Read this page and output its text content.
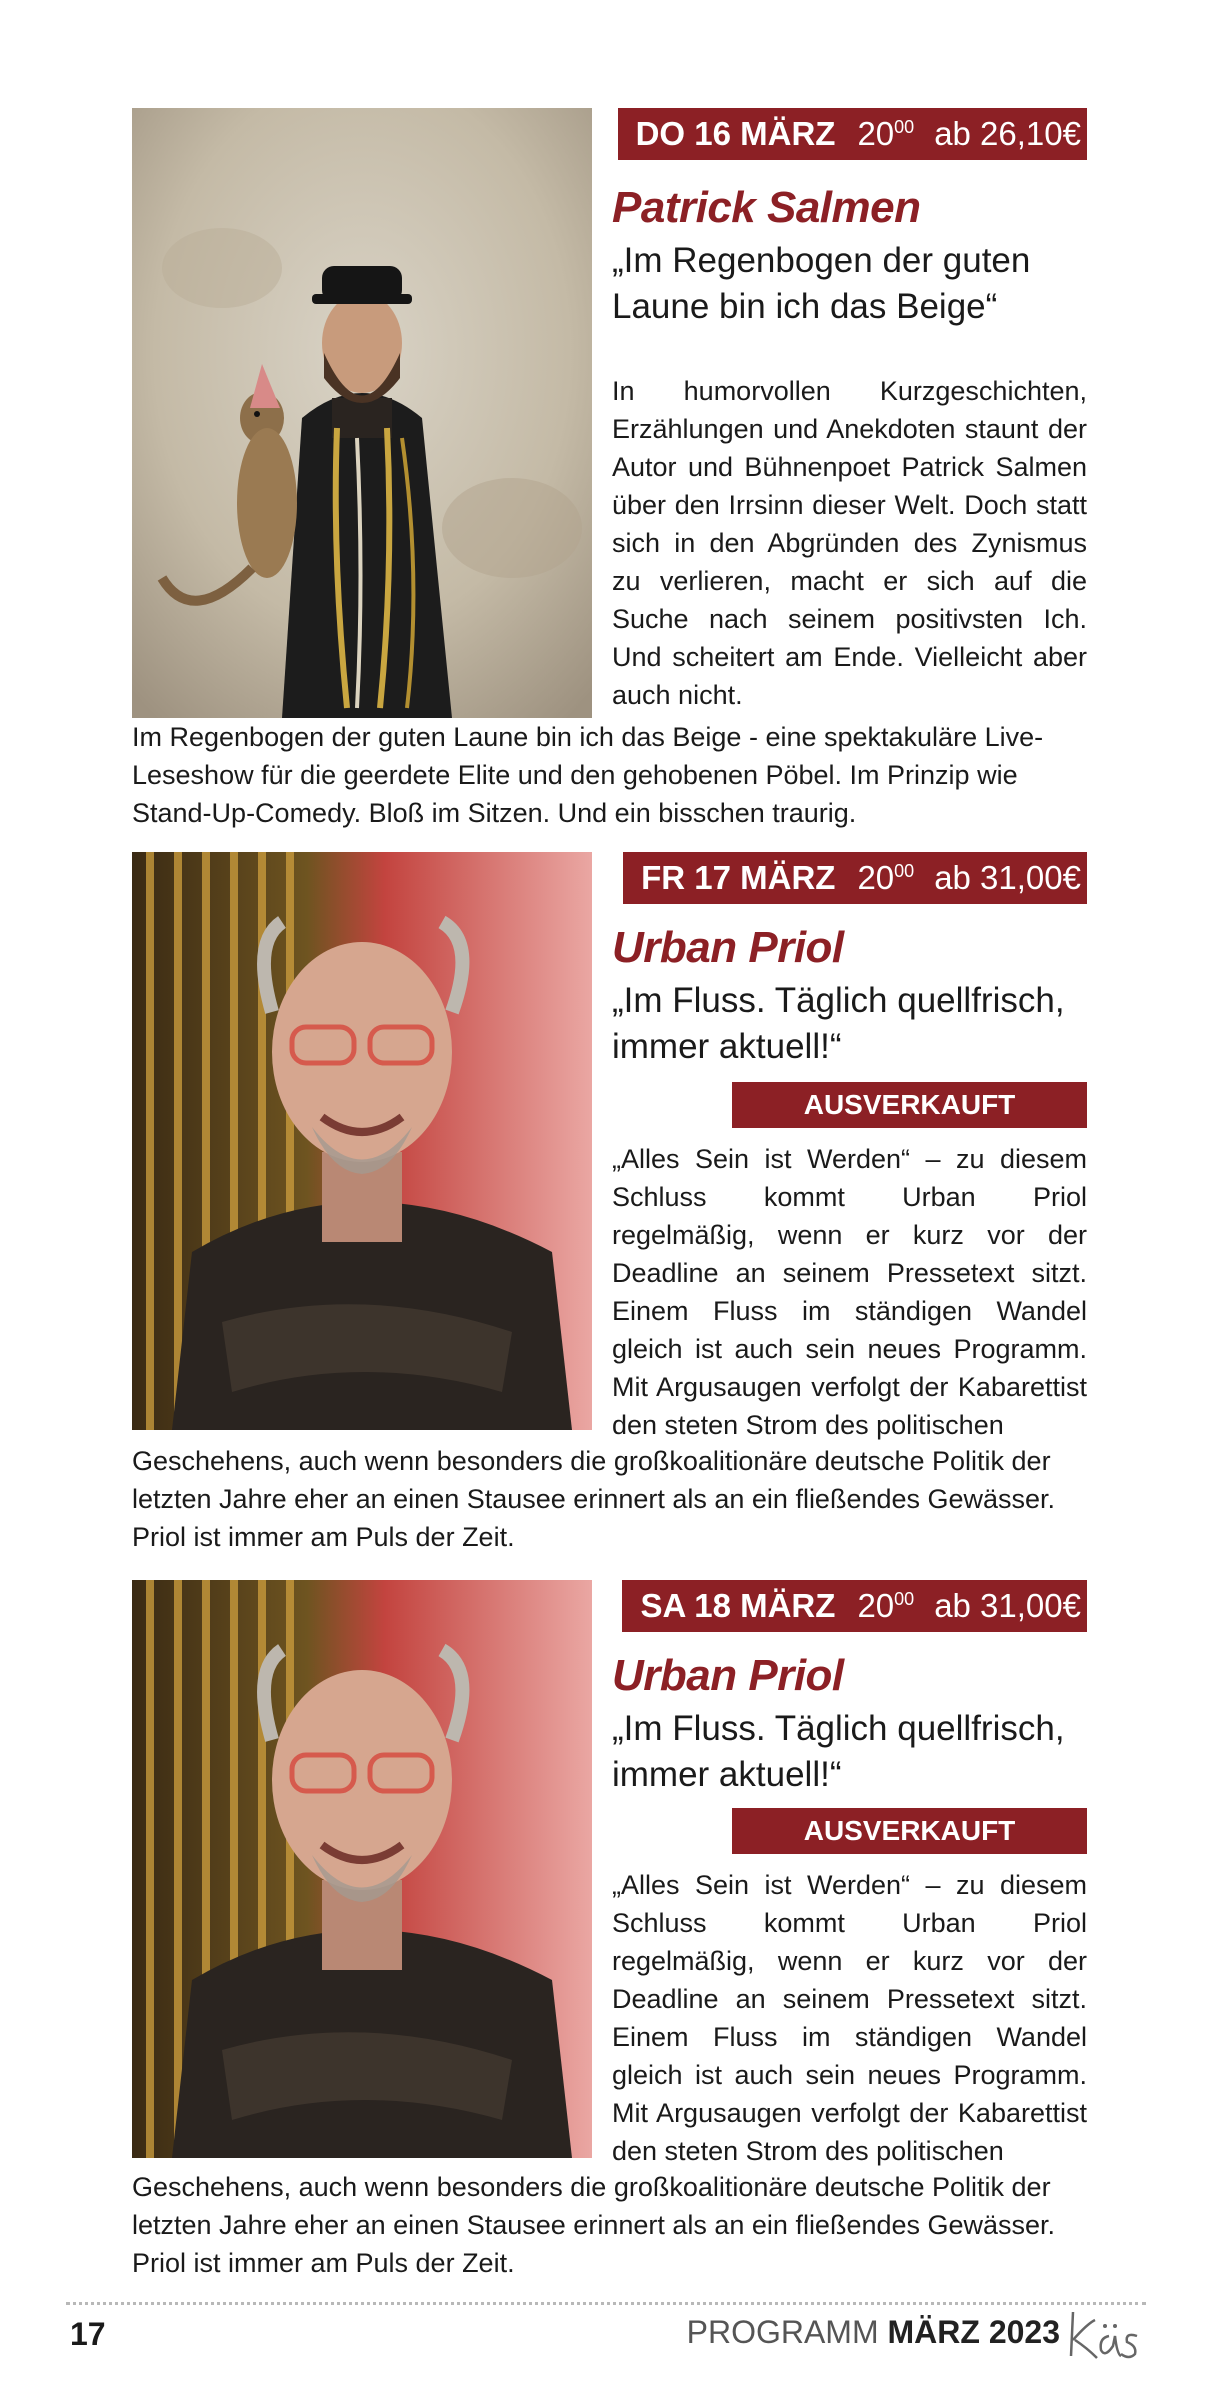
DO 16 MÄRZ $20^{00}$ ab 26,10€
Patrick Salmen
„Im Regenbogen der guten Laune bin ich das Beige“
In humorvollen Kurzgeschichten, Erzählungen und Anekdoten staunt der Autor und Bühnenpoet Patrick Salmen über den Irrsinn dieser Welt. Doch statt sich in den Abgründen des Zynismus zu verlieren, macht er sich auf die Suche nach seinem positivsten Ich. Und scheitert am Ende. Vielleicht aber auch nicht.
Im Regenbogen der guten Laune bin ich das Beige - eine spektakuläre Live-Leseshow für die geerdete Elite und den gehobenen Pöbel. Im Prinzip wie Stand-Up-Comedy. Bloß im Sitzen. Und ein bisschen traurig.
FR 17 MÄRZ $20^{00}$ ab 31,00€
Urban Priol
„Im Fluss. Täglich quellfrisch, immer aktuell!“
AUSVERKAUFT
„Alles Sein ist Werden“ – zu diesem Schluss kommt Urban Priol regelmäßig, wenn er kurz vor der Deadline an seinem Pressetext sitzt. Einem Fluss im ständigen Wandel gleich ist auch sein neues Programm. Mit Argusaugen verfolgt der Kabarettist den steten Strom des politischen
Geschehens, auch wenn besonders die großkoalitionäre deutsche Politik der letzten Jahre eher an einen Stausee erinnert als an ein fließendes Gewässer. Priol ist immer am Puls der Zeit.
SA 18 MÄRZ $20^{00}$ ab 31,00€
Urban Priol
„Im Fluss. Täglich quellfrisch, immer aktuell!“
AUSVERKAUFT
„Alles Sein ist Werden“ – zu diesem Schluss kommt Urban Priol regelmäßig, wenn er kurz vor der Deadline an seinem Pressetext sitzt. Einem Fluss im ständigen Wandel gleich ist auch sein neues Programm. Mit Argusaugen verfolgt der Kabarettist den steten Strom des politischen
Geschehens, auch wenn besonders die großkoalitionäre deutsche Politik der letzten Jahre eher an einen Stausee erinnert als an ein fließendes Gewässer. Priol ist immer am Puls der Zeit.
17	PROGRAMM MÄRZ 2023
käs
